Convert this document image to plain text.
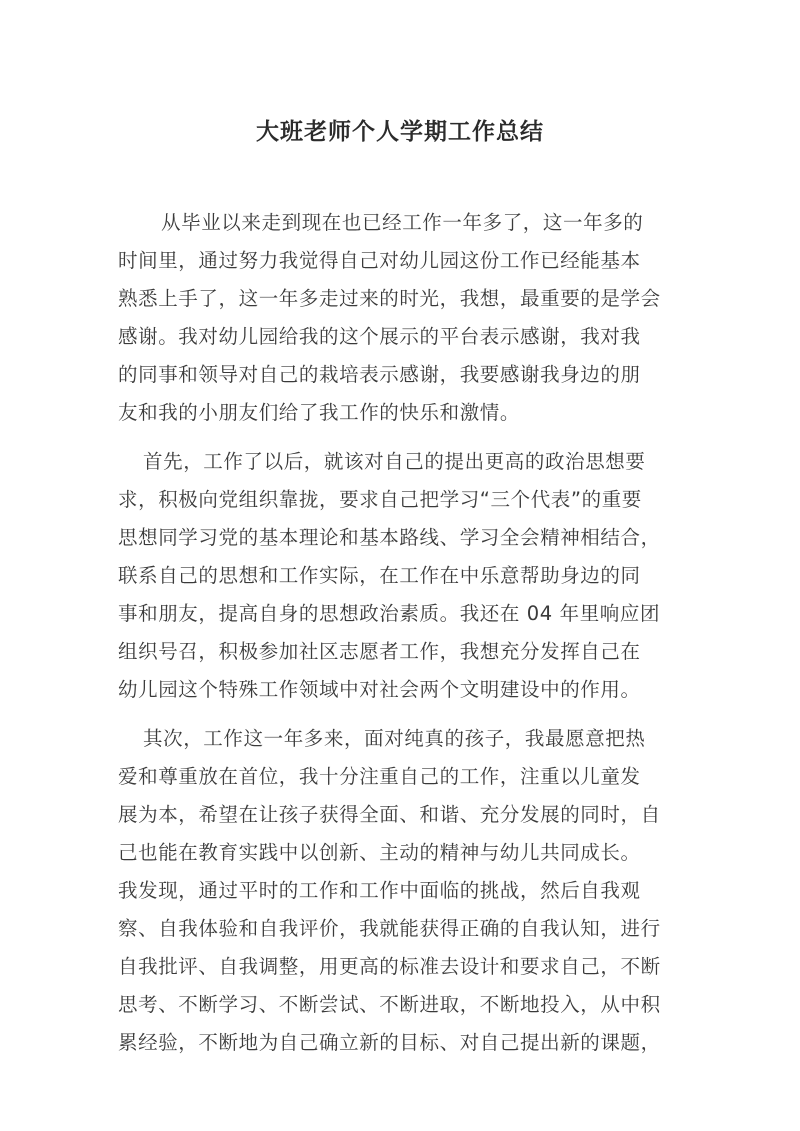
大班老师个人学期工作总结
从毕业以来走到现在也已经工作一年多了，这一年多的
时间里，通过努力我觉得自己对幼儿园这份工作已经能基本
熟悉上手了，这一年多走过来的时光，我想，最重要的是学会
感谢。我对幼儿园给我的这个展示的平台表示感谢，我对我
的同事和领导对自己的栽培表示感谢，我要感谢我身边的朋
友和我的小朋友们给了我工作的快乐和激情。
首先，工作了以后，就该对自己的提出更高的政治思想要
求，积极向党组织靠拢，要求自己把学习“三个代表”的重要
思想同学习党的基本理论和基本路线、学习全会精神相结合，
联系自己的思想和工作实际，在工作在中乐意帮助身边的同
事和朋友，提高自身的思想政治素质。我还在 04 年里响应团
组织号召，积极参加社区志愿者工作，我想充分发挥自己在
幼儿园这个特殊工作领域中对社会两个文明建设中的作用。
其次，工作这一年多来，面对纯真的孩子，我最愿意把热
爱和尊重放在首位，我十分注重自己的工作，注重以儿童发
展为本，希望在让孩子获得全面、和谐、充分发展的同时，自
己也能在教育实践中以创新、主动的精神与幼儿共同成长。
我发现，通过平时的工作和工作中面临的挑战，然后自我观
察、自我体验和自我评价，我就能获得正确的自我认知，进行
自我批评、自我调整，用更高的标准去设计和要求自己，不断
思考、不断学习、不断尝试、不断进取，不断地投入，从中积
累经验，不断地为自己确立新的目标、对自己提出新的课题，
